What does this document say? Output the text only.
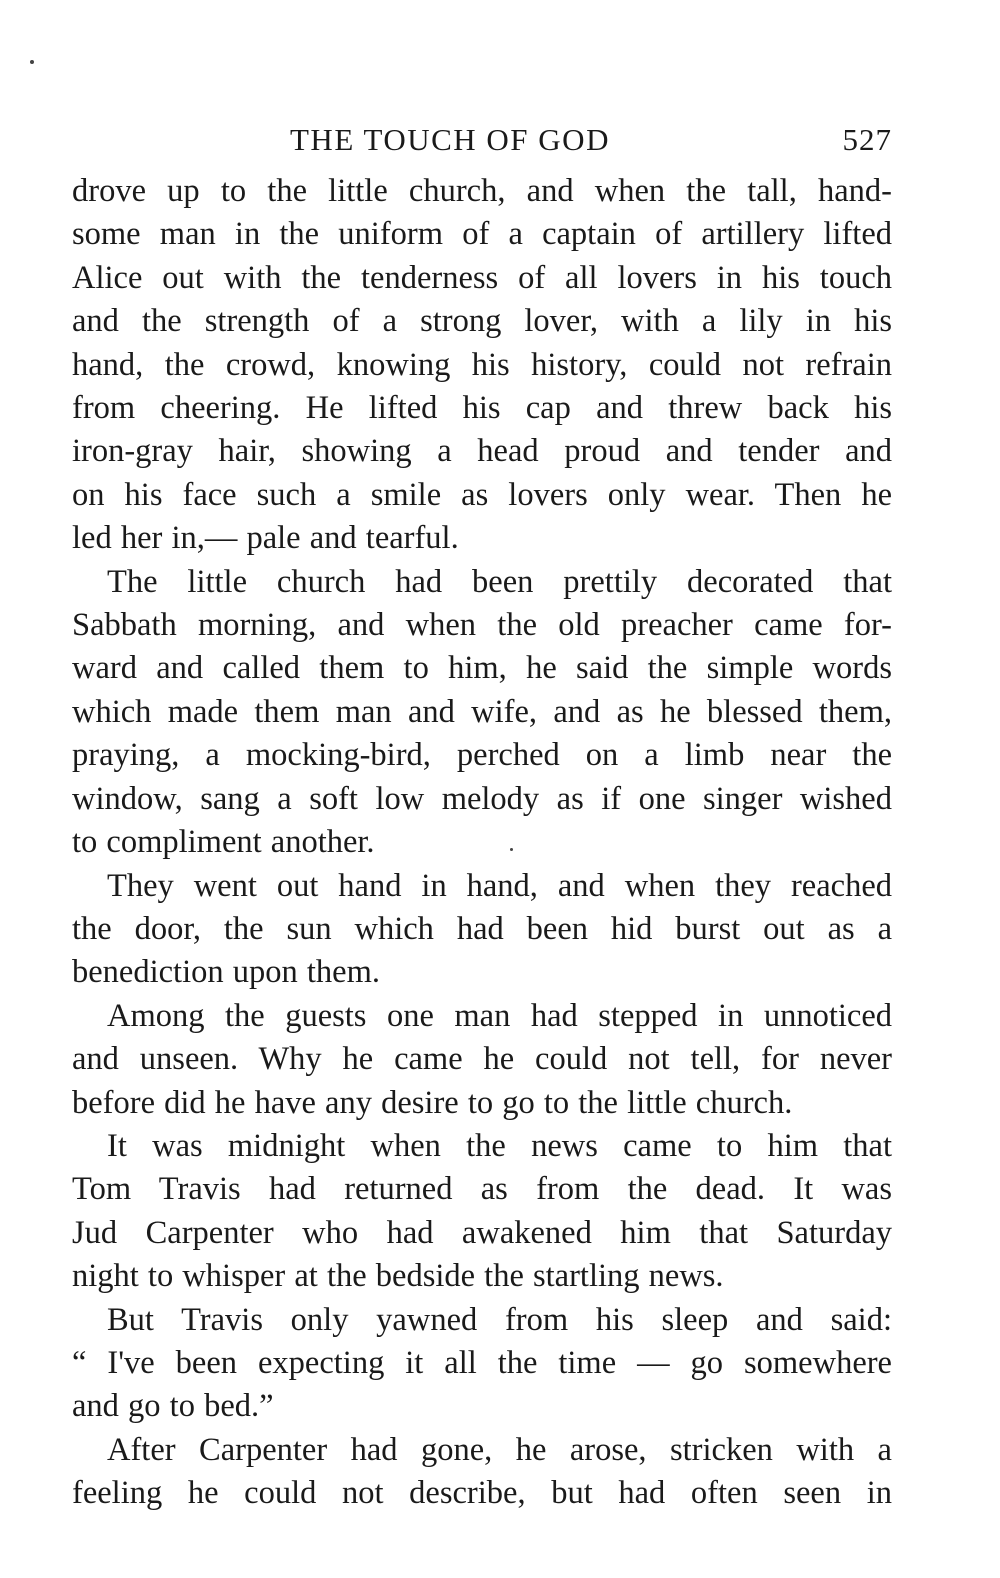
THE TOUCH OF GOD	527

drove up to the little church, and when the tall, hand-

some man in the uniform of a captain of artillery lifted

Alice out with the tenderness of all lovers in his touch

and the strength of a strong lover, with a lily in his

hand, the crowd, knowing his history, could not refrain

from cheering. He lifted his cap and threw back his

iron-gray hair, showing a head proud and tender and

on his face such a smile as lovers only wear. Then he

led her in,— pale and tearful.

The little church had been prettily decorated that

Sabbath morning, and when the old preacher came for-

ward and called them to him, he said the simple words

which made them man and wife, and as he blessed them,

praying, a mocking-bird, perched on a limb near the

window, sang a soft low melody as if one singer wished

to compliment another.

They went out hand in hand, and when they reached

the door, the sun which had been hid burst out as a

benediction upon them.

Among the guests one man had stepped in unnoticed

and unseen. Why he came he could not tell, for never

before did he have any desire to go to the little church.

It was midnight when the news came to him that

Tom Travis had returned as from the dead. It was

Jud Carpenter who had awakened him that Saturday

night to whisper at the bedside the startling news.

But Travis only yawned from his sleep and said:

“ I've been expecting it all the time — go somewhere

and go to bed.”

After Carpenter had gone, he arose, stricken with a

feeling he could not describe, but had often seen in
